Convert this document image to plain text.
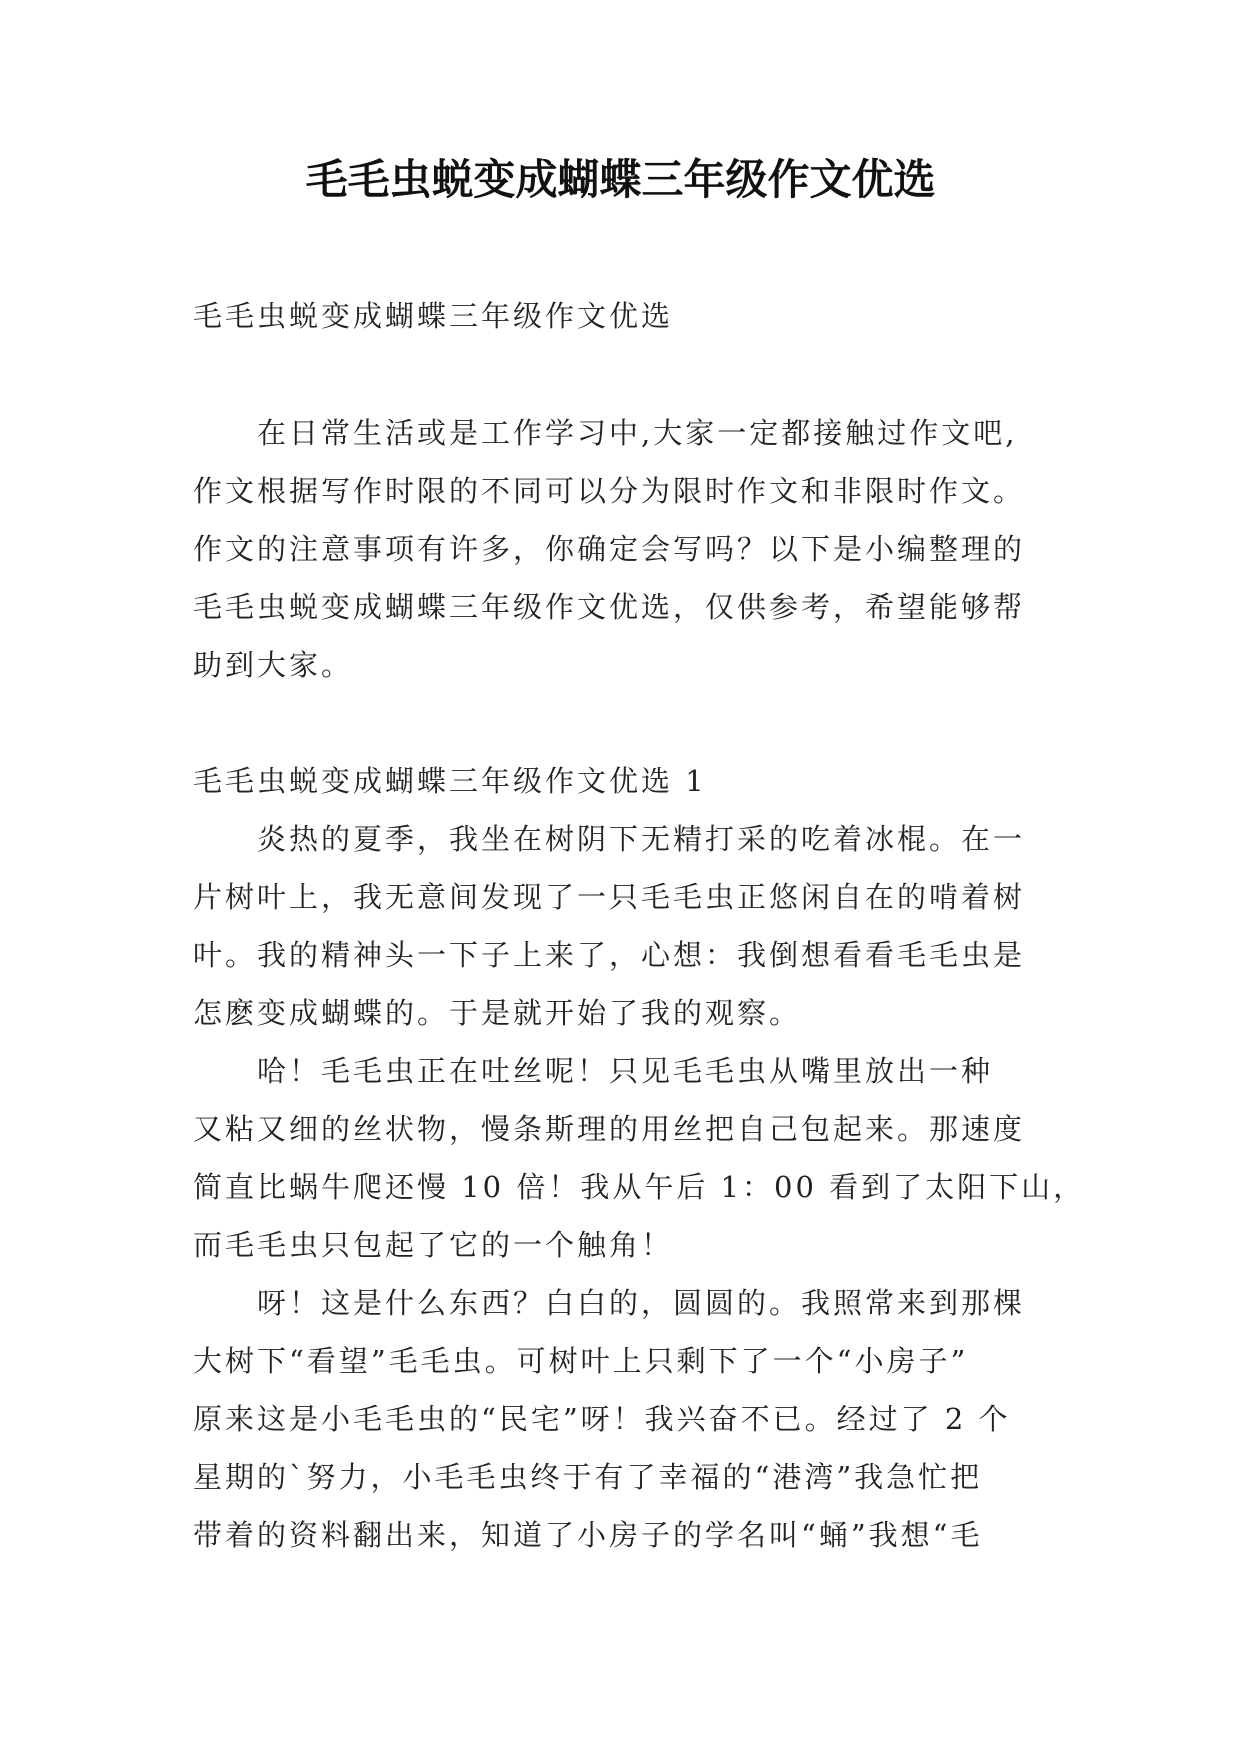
毛毛虫蜕变成蝴蝶三年级作文优选
毛毛虫蜕变成蝴蝶三年级作文优选
在日常生活或是工作学习中,大家一定都接触过作文吧,
作文根据写作时限的不同可以分为限时作文和非限时作文。
作文的注意事项有许多，你确定会写吗？以下是小编整理的
毛毛虫蜕变成蝴蝶三年级作文优选，仅供参考，希望能够帮
助到大家。
毛毛虫蜕变成蝴蝶三年级作文优选 1
炎热的夏季，我坐在树阴下无精打采的吃着冰棍。在一
片树叶上，我无意间发现了一只毛毛虫正悠闲自在的啃着树
叶。我的精神头一下子上来了，心想：我倒想看看毛毛虫是
怎麽变成蝴蝶的。于是就开始了我的观察。
哈！毛毛虫正在吐丝呢！只见毛毛虫从嘴里放出一种
又粘又细的丝状物，慢条斯理的用丝把自己包起来。那速度
简直比蜗牛爬还慢 10 倍！我从午后 1：00 看到了太阳下山，
而毛毛虫只包起了它的一个触角！
呀！这是什么东西？白白的，圆圆的。我照常来到那棵
大树下“看望”毛毛虫。可树叶上只剩下了一个“小房子”
原来这是小毛毛虫的“民宅”呀！我兴奋不已。经过了 2 个
星期的`努力，小毛毛虫终于有了幸福的“港湾”我急忙把
带着的资料翻出来，知道了小房子的学名叫“蛹”我想“毛
